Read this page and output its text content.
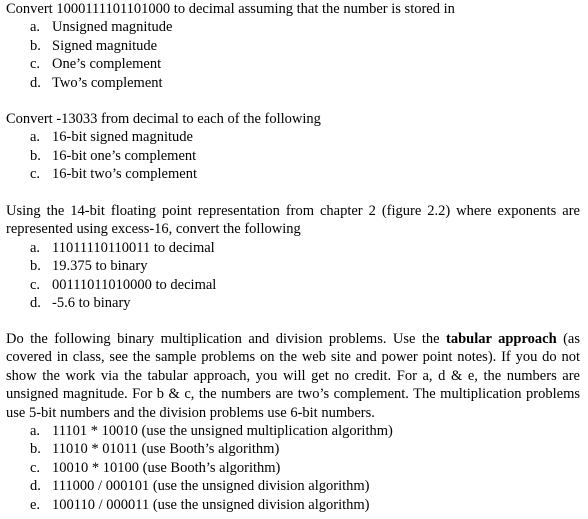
Convert 1000111101101000 to decimal assuming that the number is stored in

a. Unsigned magnitude
b. Signed magnitude
c. One’s complement
d. Two’s complement

Convert -13033 from decimal to each of the following

a. 16-bit signed magnitude
b. 16-bit one’s complement
c. 16-bit two’s complement

Using the 14-bit floating point representation from chapter 2 (figure 2.2) where exponents are represented using excess-16, convert the following

a. 11011110110011 to decimal
b. 19.375 to binary
c. 00111011010000 to decimal
d. -5.6 to binary

Do the following binary multiplication and division problems. Use the tabular approach (as covered in class, see the sample problems on the web site and power point notes). If you do not show the work via the tabular approach, you will get no credit. For a, d & e, the numbers are unsigned magnitude. For b & c, the numbers are two’s complement. The multiplication problems use 5-bit numbers and the division problems use 6-bit numbers.

a. 11101 * 10010 (use the unsigned multiplication algorithm)
b. 11010 * 01011 (use Booth’s algorithm)
c. 10010 * 10100 (use Booth’s algorithm)
d. 111000 / 000101 (use the unsigned division algorithm)
e. 100110 / 000011 (use the unsigned division algorithm)
